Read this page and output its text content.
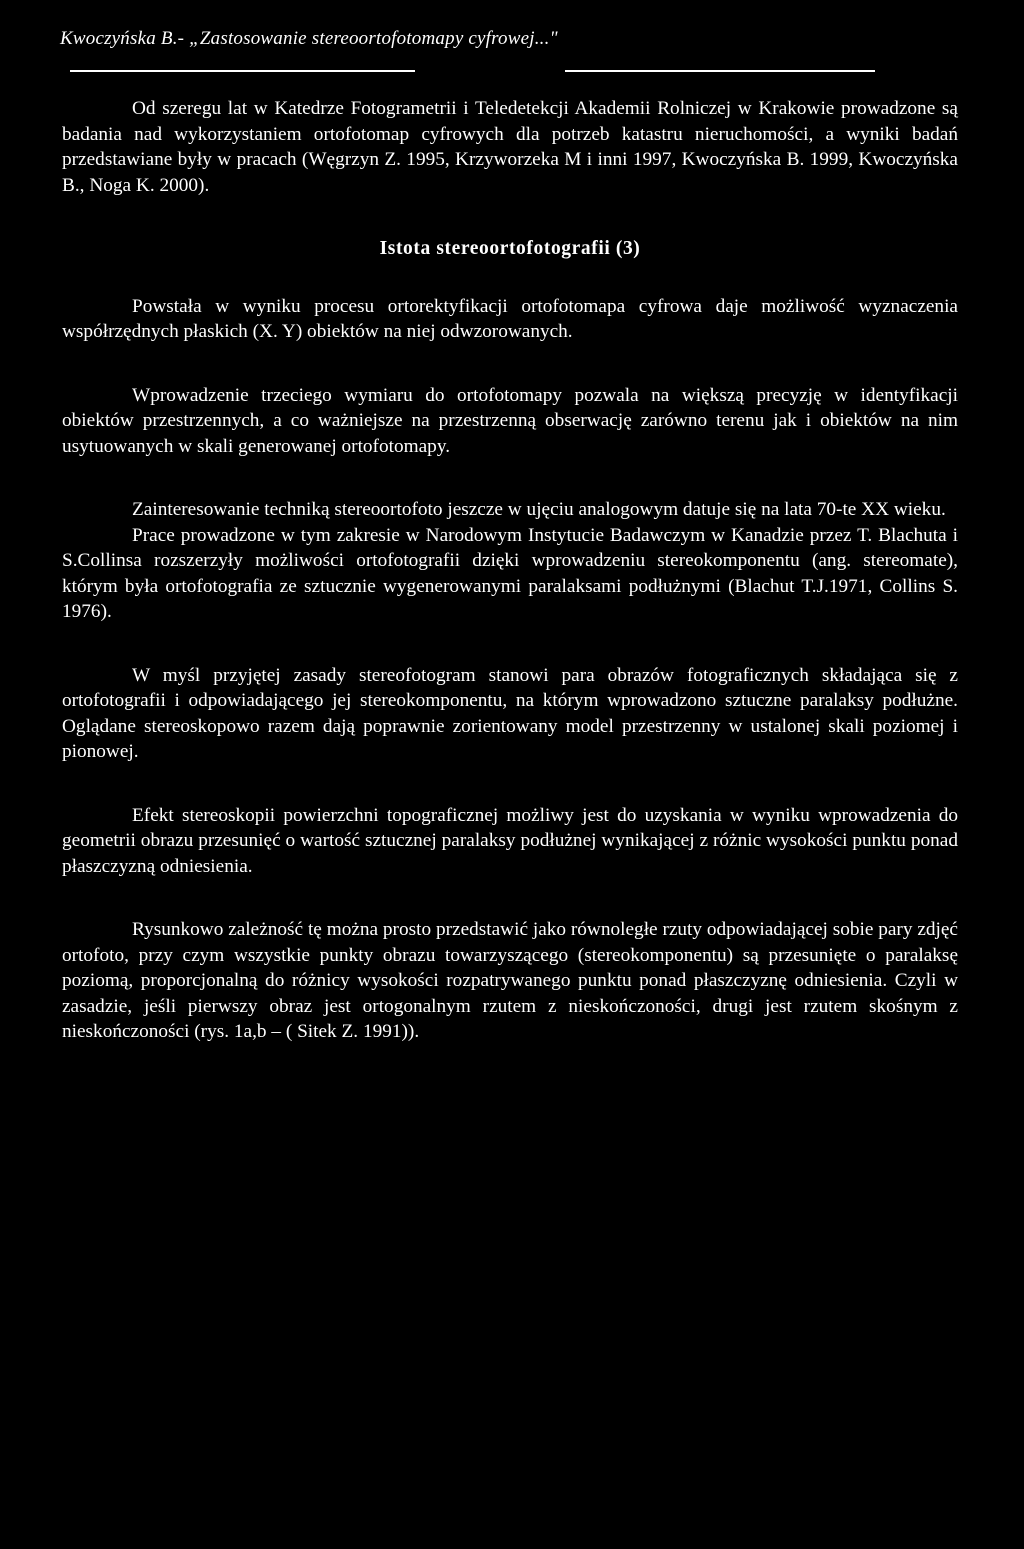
Kwoczyńska B.- „Zastosowanie stereoortofotomapy cyfrowej..."

Od szeregu lat w Katedrze Fotogrametrii i Teledetekcji Akademii Rolniczej w Krakowie prowadzone są badania nad wykorzystaniem ortofotomap cyfrowych dla potrzeb katastru nieruchomości, a wyniki badań przedstawiane były w pracach (Węgrzyn Z. 1995, Krzyworzeka M i inni 1997, Kwoczyńska B. 1999, Kwoczyńska B., Noga K. 2000).

Istota stereoortofotografii (3)

Powstała w wyniku procesu ortorektyfikacji ortofotomapa cyfrowa daje możliwość wyznaczenia współrzędnych płaskich (X. Y) obiektów na niej odwzorowanych.

Wprowadzenie trzeciego wymiaru do ortofotomapy pozwala na większą precyzję w identyfikacji obiektów przestrzennych, a co ważniejsze na przestrzenną obserwację zarówno terenu jak i obiektów na nim usytuowanych w skali generowanej ortofotomapy.

Zainteresowanie techniką stereoortofoto jeszcze w ujęciu analogowym datuje się na lata 70-te XX wieku.

Prace prowadzone w tym zakresie w Narodowym Instytucie Badawczym w Kanadzie przez T. Blachuta i S.Collinsa rozszerzyły możliwości ortofotografii dzięki wprowadzeniu stereokomponentu (ang. stereomate), którym była ortofotografia ze sztucznie wygenerowanymi paralaksami podłużnymi (Blachut T.J.1971, Collins S. 1976).

W myśl przyjętej zasady stereofotogram stanowi para obrazów fotograficznych składająca się z ortofotografii i odpowiadającego jej stereokomponentu, na którym wprowadzono sztuczne paralaksy podłużne. Oglądane stereoskopowo razem dają poprawnie zorientowany model przestrzenny w ustalonej skali poziomej i pionowej.

Efekt stereoskopii powierzchni topograficznej możliwy jest do uzyskania w wyniku wprowadzenia do geometrii obrazu przesunięć o wartość sztucznej paralaksy podłużnej wynikającej z różnic wysokości punktu ponad płaszczyzną odniesienia.

Rysunkowo zależność tę można prosto przedstawić jako równoległe rzuty odpowiadającej sobie pary zdjęć ortofoto, przy czym wszystkie punkty obrazu towarzyszącego (stereokomponentu) są przesunięte o paralaksę poziomą, proporcjonalną do różnicy wysokości rozpatrywanego punktu ponad płaszczyznę odniesienia. Czyli w zasadzie, jeśli pierwszy obraz jest ortogonalnym rzutem z nieskończoności, drugi jest rzutem skośnym z nieskończoności (rys. 1a,b – ( Sitek Z. 1991)).
